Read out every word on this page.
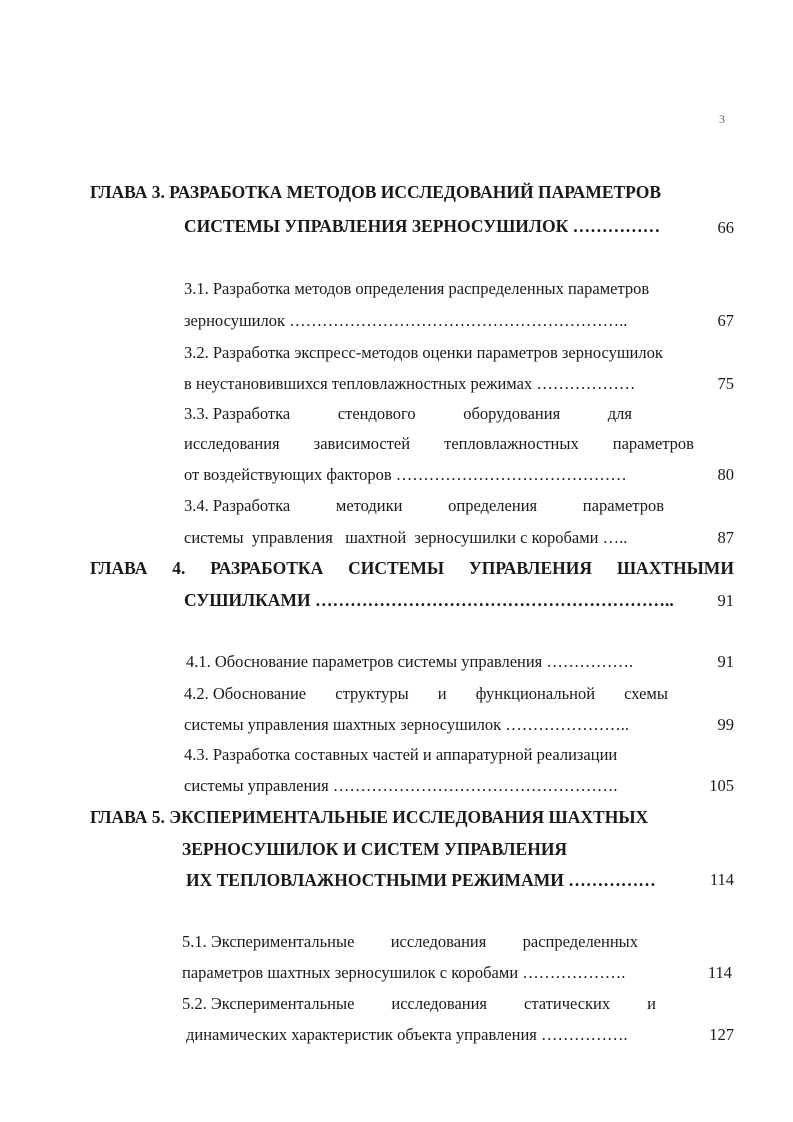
3
ГЛАВА 3. РАЗРАБОТКА МЕТОДОВ ИССЛЕДОВАНИЙ ПАРАМЕТРОВ
СИСТЕМЫ УПРАВЛЕНИЯ ЗЕРНОСУШИЛОК ……………	66
3.1. Разработка методов определения распределенных параметров
зерносушилок ……………………………………………………..	67
3.2. Разработка экспресс-методов оценки параметров зерносушилок
в неустановившихся тепловлажностных режимах ………………	75
3.3. Разработка	стендового	оборудования	для
исследования зависимостей тепловлажностных параметров
от воздействующих факторов ……………………………………	80
3.4. Разработка	методики	определения	параметров
системы  управления   шахтной  зерносушилки с коробами …..	87
ГЛАВА 4. РАЗРАБОТКА СИСТЕМЫ УПРАВЛЕНИЯ ШАХТНЫМИ
СУШИЛКАМИ ……………………………………………………..	91
4.1. Обоснование параметров системы управления …………….	91
4.2. Обоснование структуры и функциональной схемы
системы управления шахтных зерносушилок …………………..	99
4.3. Разработка составных частей и аппаратурной реализации
системы управления …………………………………………….	105
ГЛАВА 5. ЭКСПЕРИМЕНТАЛЬНЫЕ ИССЛЕДОВАНИЯ ШАХТНЫХ
ЗЕРНОСУШИЛОК И СИСТЕМ УПРАВЛЕНИЯ
ИХ ТЕПЛОВЛАЖНОСТНЫМИ РЕЖИМАМИ ……………	114
5.1. Экспериментальные исследования распределенных
параметров шахтных зерносушилок с коробами ……………….	114
5.2. Экспериментальные исследования статических и
динамических характеристик объекта управления …………….	127
